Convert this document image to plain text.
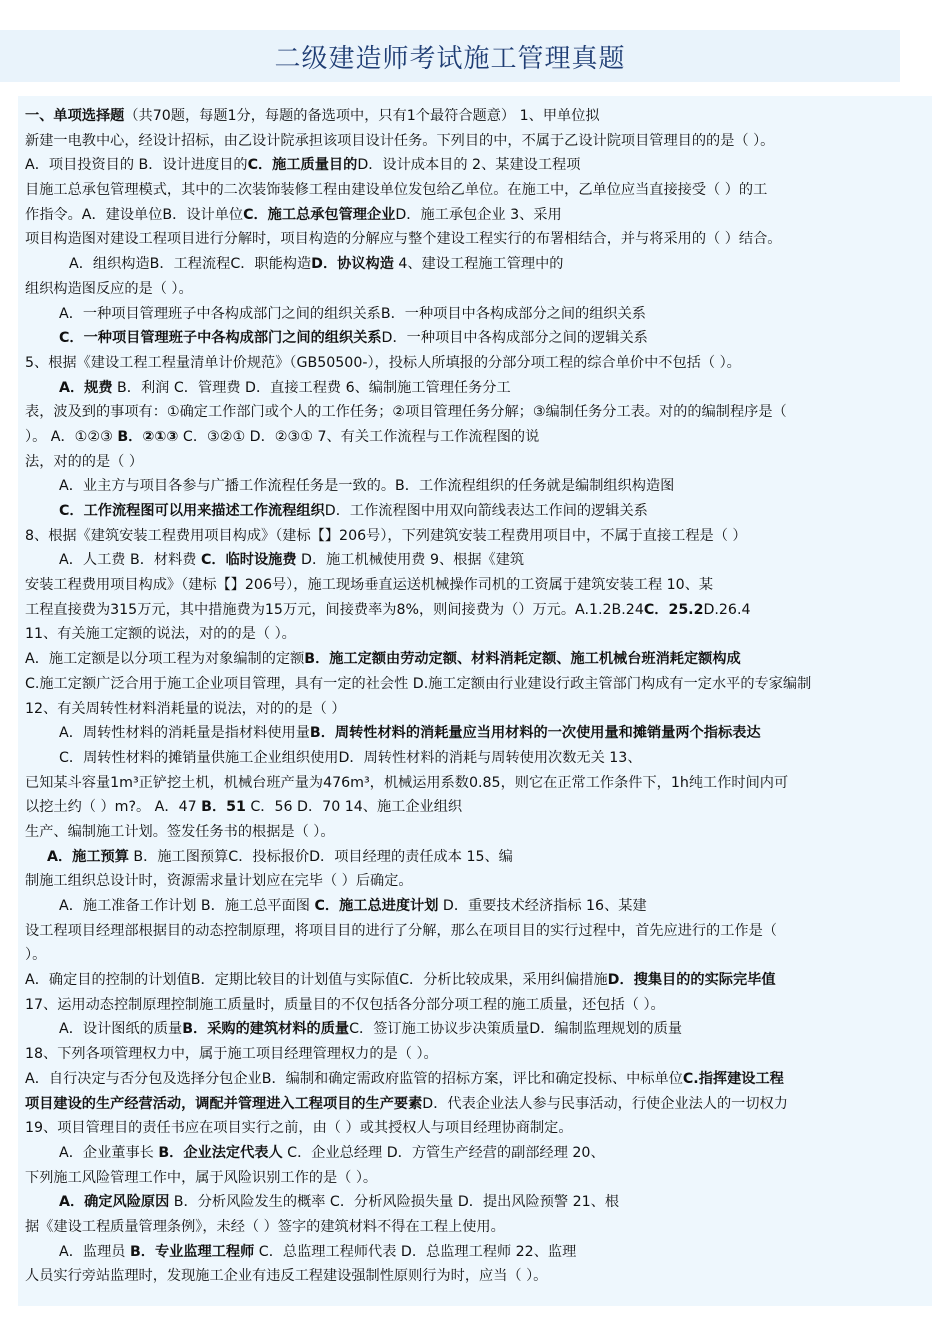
二级建造师考试施工管理真题
一、单项选择题（共70题，每题1分，每题的备选项中，只有1个最符合题意） 1、甲单位拟
新建一电教中心，经设计招标，由乙设计院承担该项目设计任务。下列目的中，不属于乙设计院项目管理目的的是（ ）。
A．项目投资目的 B．设计进度目的C．施工质量目的D．设计成本目的 2、某建设工程项
目施工总承包管理模式，其中的二次装饰装修工程由建设单位发包给乙单位。在施工中，乙单位应当直接接受（ ）的工
作指令。A．建设单位B．设计单位C．施工总承包管理企业D．施工承包企业 3、采用
项目构造图对建设工程项目进行分解时，项目构造的分解应与整个建设工程实行的布署相结合，并与将采用的（ ）结合。
A．组织构造B．工程流程C．职能构造D．协议构造 4、建设工程施工管理中的
组织构造图反应的是（ ）。
A．一种项目管理班子中各构成部门之间的组织关系B．一种项目中各构成部分之间的组织关系
C．一种项目管理班子中各构成部门之间的组织关系D．一种项目中各构成部分之间的逻辑关系
5、根据《建设工程工程量清单计价规范》（GB50500-），投标人所填报的分部分项工程的综合单价中不包括（ ）。
A．规费 B．利润 C．管理费 D．直接工程费 6、编制施工管理任务分工
表，波及到的事项有：①确定工作部门或个人的工作任务；②项目管理任务分解；③编制任务分工表。对的的编制程序是（
）。 A．①②③ B．②①③ C．③②① D．②③① 7、有关工作流程与工作流程图的说
法，对的的是（ ）
A．业主方与项目各参与广播工作流程任务是一致的。B．工作流程组织的任务就是编制组织构造图
C．工作流程图可以用来描述工作流程组织D．工作流程图中用双向箭线表达工作间的逻辑关系
8、根据《建筑安装工程费用项目构成》（建标【】206号），下列建筑安装工程费用项目中，不属于直接工程是（ ）
A．人工费 B．材料费 C．临时设施费 D．施工机械使用费 9、根据《建筑
安装工程费用项目构成》（建标【】206号），施工现场垂直运送机械操作司机的工资属于建筑安装工程 10、某
工程直接费为315万元，其中措施费为15万元，间接费率为8%，则间接费为（）万元。A.1.2B.24C．25.2D.26.4
11、有关施工定额的说法，对的的是（ ）。
A．施工定额是以分项工程为对象编制的定额B．施工定额由劳动定额、材料消耗定额、施工机械台班消耗定额构成
C.施工定额广泛合用于施工企业项目管理，具有一定的社会性 D.施工定额由行业建设行政主管部门构成有一定水平的专家编制
12、有关周转性材料消耗量的说法，对的的是（ ）
A．周转性材料的消耗量是指材料使用量B．周转性材料的消耗量应当用材料的一次使用量和摊销量两个指标表达
C．周转性材料的摊销量供施工企业组织使用D．周转性材料的消耗与周转使用次数无关 13、
已知某斗容量1m³正铲挖土机，机械台班产量为476m³，机械运用系数0.85，则它在正常工作条件下，1h纯工作时间内可
以挖土约（ ）m?。 A．47 B．51 C．56 D．70 14、施工企业组织
生产、编制施工计划。签发任务书的根据是（ ）。
A．施工预算 B．施工图预算C．投标报价D．项目经理的责任成本 15、编
制施工组织总设计时，资源需求量计划应在完毕（ ）后确定。
A．施工准备工作计划 B．施工总平面图 C．施工总进度计划 D．重要技术经济指标 16、某建
设工程项目经理部根据目的动态控制原理，将项目目的进行了分解，那么在项目目的实行过程中，首先应进行的工作是（
）。
A．确定目的控制的计划值B．定期比较目的计划值与实际值C．分析比较成果，采用纠偏措施D．搜集目的的实际完毕值
17、运用动态控制原理控制施工质量时，质量目的不仅包括各分部分项工程的施工质量，还包括（ ）。
A．设计图纸的质量B．采购的建筑材料的质量C．签订施工协议步决策质量D．编制监理规划的质量
18、下列各项管理权力中，属于施工项目经理管理权力的是（ ）。
A．自行决定与否分包及选择分包企业B．编制和确定需政府监管的招标方案，评比和确定投标、中标单位C.指挥建设工程
项目建设的生产经营活动，调配并管理进入工程项目的生产要素D．代表企业法人参与民事活动，行使企业法人的一切权力
19、项目管理目的责任书应在项目实行之前，由（ ）或其授权人与项目经理协商制定。
A．企业董事长 B．企业法定代表人 C．企业总经理 D．方管生产经营的副部经理 20、
下列施工风险管理工作中，属于风险识别工作的是（ ）。
A．确定风险原因 B．分析风险发生的概率 C．分析风险损失量 D．提出风险预警 21、根
据《建设工程质量管理条例》，未经（ ）签字的建筑材料不得在工程上使用。
A．监理员 B．专业监理工程师 C．总监理工程师代表 D．总监理工程师 22、监理
人员实行旁站监理时，发现施工企业有违反工程建设强制性原则行为时，应当（ ）。
